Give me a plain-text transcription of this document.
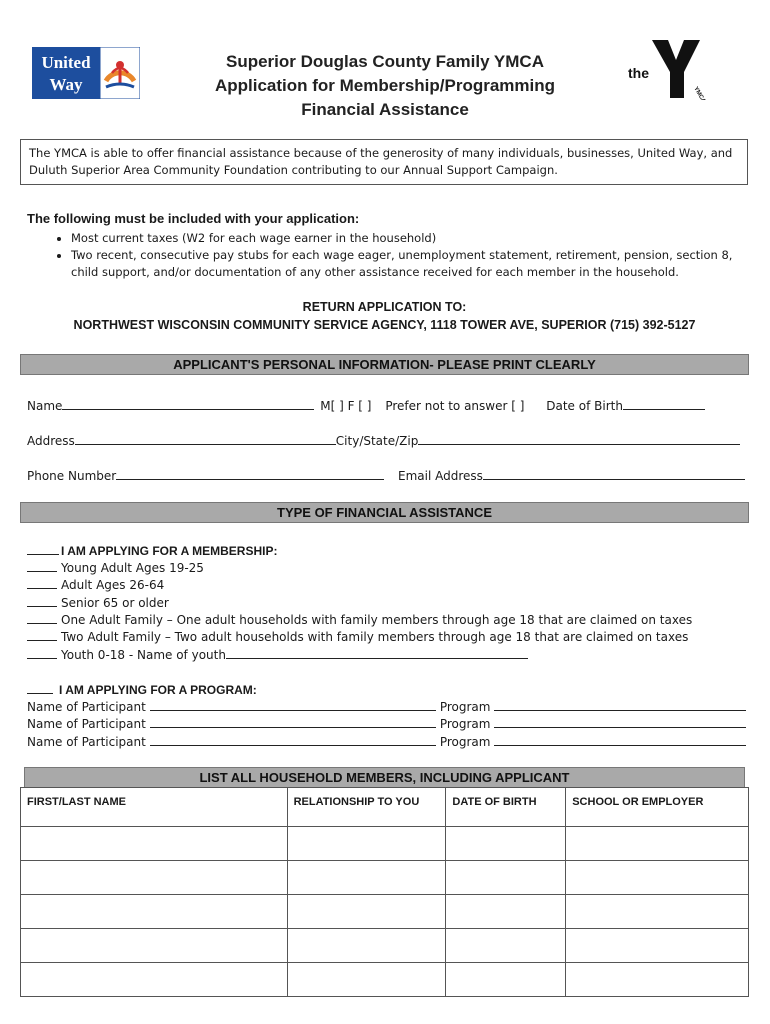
United
Way
Superior Douglas County Family YMCA
Application for Membership/Programming
Financial Assistance
the
YMCA
The YMCA is able to offer financial assistance because of the generosity of many individuals, businesses, United Way, and Duluth Superior Area Community Foundation contributing to our Annual Support Campaign.
The following must be included with your application:
• Most current taxes (W2 for each wage earner in the household)
• Two recent, consecutive pay stubs for each wage eager, unemployment statement, retirement, pension, section 8, child support, and/or documentation of any other assistance received for each member in the household.
RETURN APPLICATION TO:
NORTHWEST WISCONSIN COMMUNITY SERVICE AGENCY, 1118 TOWER AVE, SUPERIOR (715) 392-5127
APPLICANT'S PERSONAL INFORMATION- PLEASE PRINT CLEARLY
Name	M[ ] F [ ] Prefer not to answer [ ] Date of Birth
Address	City/State/Zip
Phone Number	Email Address
TYPE OF FINANCIAL ASSISTANCE
I AM APPLYING FOR A MEMBERSHIP:
Young Adult Ages 19-25
Adult Ages 26-64
Senior 65 or older
One Adult Family – One adult households with family members through age 18 that are claimed on taxes
Two Adult Family – Two adult households with family members through age 18 that are claimed on taxes
Youth 0-18 - Name of youth
I AM APPLYING FOR A PROGRAM:
Name of Participant	Program
Name of Participant	Program
Name of Participant	Program
LIST ALL HOUSEHOLD MEMBERS, INCLUDING APPLICANT
FIRST/LAST NAME	RELATIONSHIP TO YOU	DATE OF BIRTH	SCHOOL OR EMPLOYER
